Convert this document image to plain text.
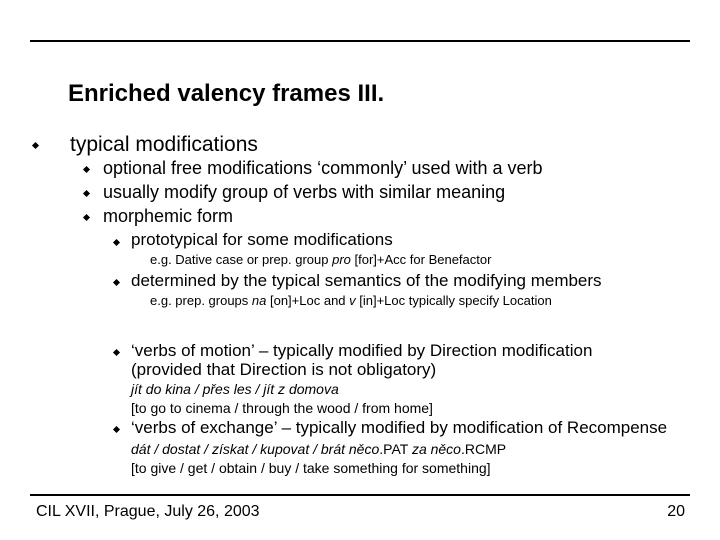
Enriched valency frames III.
typical modifications
optional free modifications ‘commonly’ used with a verb
usually modify group of verbs with similar meaning
morphemic form
prototypical for some modifications
e.g. Dative case or prep. group pro [for]+Acc for Benefactor
determined by the typical semantics of the modifying members
e.g. prep. groups na [on]+Loc and v [in]+Loc typically specify Location
‘verbs of motion’ – typically modified by Direction modification
(provided that Direction is not obligatory)
jít do kina / přes les / jít z domova
[to go to cinema / through the wood / from home]
‘verbs of exchange’ – typically modified by modification of Recompense
dát / dostat / získat / kupovat / brát něco.PAT za něco.RCMP
[to give / get / obtain / buy / take something for something]
CIL XVII, Prague, July 26, 2003	20
